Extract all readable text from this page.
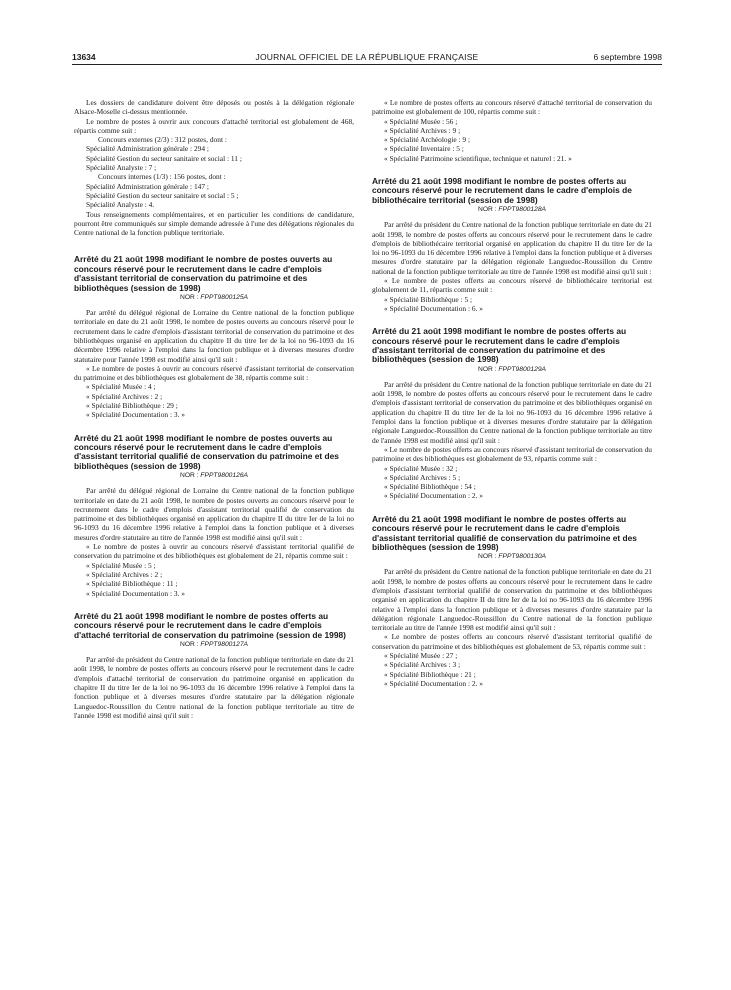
13634	JOURNAL OFFICIEL DE LA RÉPUBLIQUE FRANÇAISE	6 septembre 1998

Les dossiers de candidature doivent être déposés ou postés à la délégation régionale Alsace-Moselle ci-dessus mentionnée.

Le nombre de postes à ouvrir aux concours d'attaché territorial est globalement de 468, répartis comme suit :

Concours externes (2/3) : 312 postes, dont :

Spécialité Administration générale : 294 ;

Spécialité Gestion du secteur sanitaire et social : 11 ;

Spécialité Analyste : 7 ;

Concours internes (1/3) : 156 postes, dont :

Spécialité Administration générale : 147 ;

Spécialité Gestion du secteur sanitaire et social : 5 ;

Spécialité Analyste : 4.

Tous renseignements complémentaires, et en particulier les conditions de candidature, pourront être communiqués sur simple demande adressée à l'une des délégations régionales du Centre national de la fonction publique territoriale.

Arrêté du 21 août 1998 modifiant le nombre de postes ouverts au concours réservé pour le recrutement dans le cadre d'emplois d'assistant territorial de conservation du patrimoine et des bibliothèques (session de 1998)

NOR : FPPT9800125A

Par arrêté du délégué régional de Lorraine du Centre national de la fonction publique territoriale en date du 21 août 1998, le nombre de postes ouverts au concours réservé pour le recrutement dans le cadre d'emplois d'assistant territorial de conservation du patrimoine et des bibliothèques organisé en application du chapitre II du titre Ier de la loi no 96-1093 du 16 décembre 1996 relative à l'emploi dans la fonction publique et à diverses mesures d'ordre statutaire pour l'année 1998 est modifié ainsi qu'il suit :

« Le nombre de postes à ouvrir au concours réservé d'assistant territorial de conservation du patrimoine et des bibliothèques est globalement de 38, répartis comme suit :

« Spécialité Musée : 4 ;

« Spécialité Archives : 2 ;

« Spécialité Bibliothèque : 29 ;

« Spécialité Documentation : 3. »

Arrêté du 21 août 1998 modifiant le nombre de postes ouverts au concours réservé pour le recrutement dans le cadre d'emplois d'assistant territorial qualifié de conservation du patrimoine et des bibliothèques (session de 1998)

NOR : FPPT9800126A

Par arrêté du délégué régional de Lorraine du Centre national de la fonction publique territoriale en date du 21 août 1998, le nombre de postes ouverts au concours réservé pour le recrutement dans le cadre d'emplois d'assistant territorial qualifié de conservation du patrimoine et des bibliothèques organisé en application du chapitre II du titre Ier de la loi no 96-1093 du 16 décembre 1996 relative à l'emploi dans la fonction publique et à diverses mesures d'ordre statutaire au titre de l'année 1998 est modifié ainsi qu'il suit :

« Le nombre de postes à ouvrir au concours réservé d'assistant territorial qualifié de conservation du patrimoine et des bibliothèques est globalement de 21, répartis comme suit :

« Spécialité Musée : 5 ;

« Spécialité Archives : 2 ;

« Spécialité Bibliothèque : 11 ;

« Spécialité Documentation : 3. »

Arrêté du 21 août 1998 modifiant le nombre de postes offerts au concours réservé pour le recrutement dans le cadre d'emplois d'attaché territorial de conservation du patrimoine (session de 1998)

NOR : FPPT9800127A

Par arrêté du président du Centre national de la fonction publique territoriale en date du 21 août 1998, le nombre de postes offerts au concours réservé pour le recrutement dans le cadre d'emplois d'attaché territorial de conservation du patrimoine organisé en application du chapitre II du titre Ier de la loi no 96-1093 du 16 décembre 1996 relative à l'emploi dans la fonction publique et à diverses mesures d'ordre statutaire par la délégation régionale Languedoc-Roussillon du Centre national de la fonction publique territoriale au titre de l'année 1998 est modifié ainsi qu'il suit :

« Le nombre de postes offerts au concours réservé d'attaché territorial de conservation du patrimoine est globalement de 100, répartis comme suit :

« Spécialité Musée : 56 ;

« Spécialité Archives : 9 ;

« Spécialité Archéologie : 9 ;

« Spécialité Inventaire : 5 ;

« Spécialité Patrimoine scientifique, technique et naturel : 21. »

Arrêté du 21 août 1998 modifiant le nombre de postes offerts au concours réservé pour le recrutement dans le cadre d'emplois de bibliothécaire territorial (session de 1998)

NOR : FPPT9800128A

Par arrêté du président du Centre national de la fonction publique territoriale en date du 21 août 1998, le nombre de postes offerts au concours réservé pour le recrutement dans le cadre d'emplois de bibliothécaire territorial organisé en application du chapitre II du titre Ier de la loi no 96-1093 du 16 décembre 1996 relative à l'emploi dans la fonction publique et à diverses mesures d'ordre statutaire par la délégation régionale Languedoc-Roussillon du Centre national de la fonction publique territoriale au titre de l'année 1998 est modifié ainsi qu'il suit :

« Le nombre de postes offerts au concours réservé de bibliothécaire territorial est globalement de 11, répartis comme suit :

« Spécialité Bibliothèque : 5 ;

« Spécialité Documentation : 6. »

Arrêté du 21 août 1998 modifiant le nombre de postes offerts au concours réservé pour le recrutement dans le cadre d'emplois d'assistant territorial de conservation du patrimoine et des bibliothèques (session de 1998)

NOR : FPPT9800129A

Par arrêté du président du Centre national de la fonction publique territoriale en date du 21 août 1998, le nombre de postes offerts au concours réservé pour le recrutement dans le cadre d'emplois d'assistant territorial de conservation du patrimoine et des bibliothèques organisé en application du chapitre II du titre Ier de la loi no 96-1093 du 16 décembre 1996 relative à l'emploi dans la fonction publique et à diverses mesures d'ordre statutaire par la délégation régionale Languedoc-Roussillon du Centre national de la fonction publique territoriale au titre de l'année 1998 est modifié ainsi qu'il suit :

« Le nombre de postes offerts au concours réservé d'assistant territorial de conservation du patrimoine et des bibliothèques est globalement de 93, répartis comme suit :

« Spécialité Musée : 32 ;

« Spécialité Archives : 5 ;

« Spécialité Bibliothèque : 54 ;

« Spécialité Documentation : 2. »

Arrêté du 21 août 1998 modifiant le nombre de postes offerts au concours réservé pour le recrutement dans le cadre d'emplois d'assistant territorial qualifié de conservation du patrimoine et des bibliothèques (session de 1998)

NOR : FPPT9800130A

Par arrêté du président du Centre national de la fonction publique territoriale en date du 21 août 1998, le nombre de postes offerts au concours réservé pour le recrutement dans le cadre d'emplois d'assistant territorial qualifié de conservation du patrimoine et des bibliothèques organisé en application du chapitre II du titre Ier de la loi no 96-1093 du 16 décembre 1996 relative à l'emploi dans la fonction publique et à diverses mesures d'ordre statutaire par la délégation régionale Languedoc-Roussillon du Centre national de la fonction publique territoriale au titre de l'année 1998 est modifié ainsi qu'il suit :

« Le nombre de postes offerts au concours réservé d'assistant territorial qualifié de conservation du patrimoine et des bibliothèques est globalement de 53, répartis comme suit :

« Spécialité Musée : 27 ;

« Spécialité Archives : 3 ;

« Spécialité Bibliothèque : 21 ;

« Spécialité Documentation : 2. »
